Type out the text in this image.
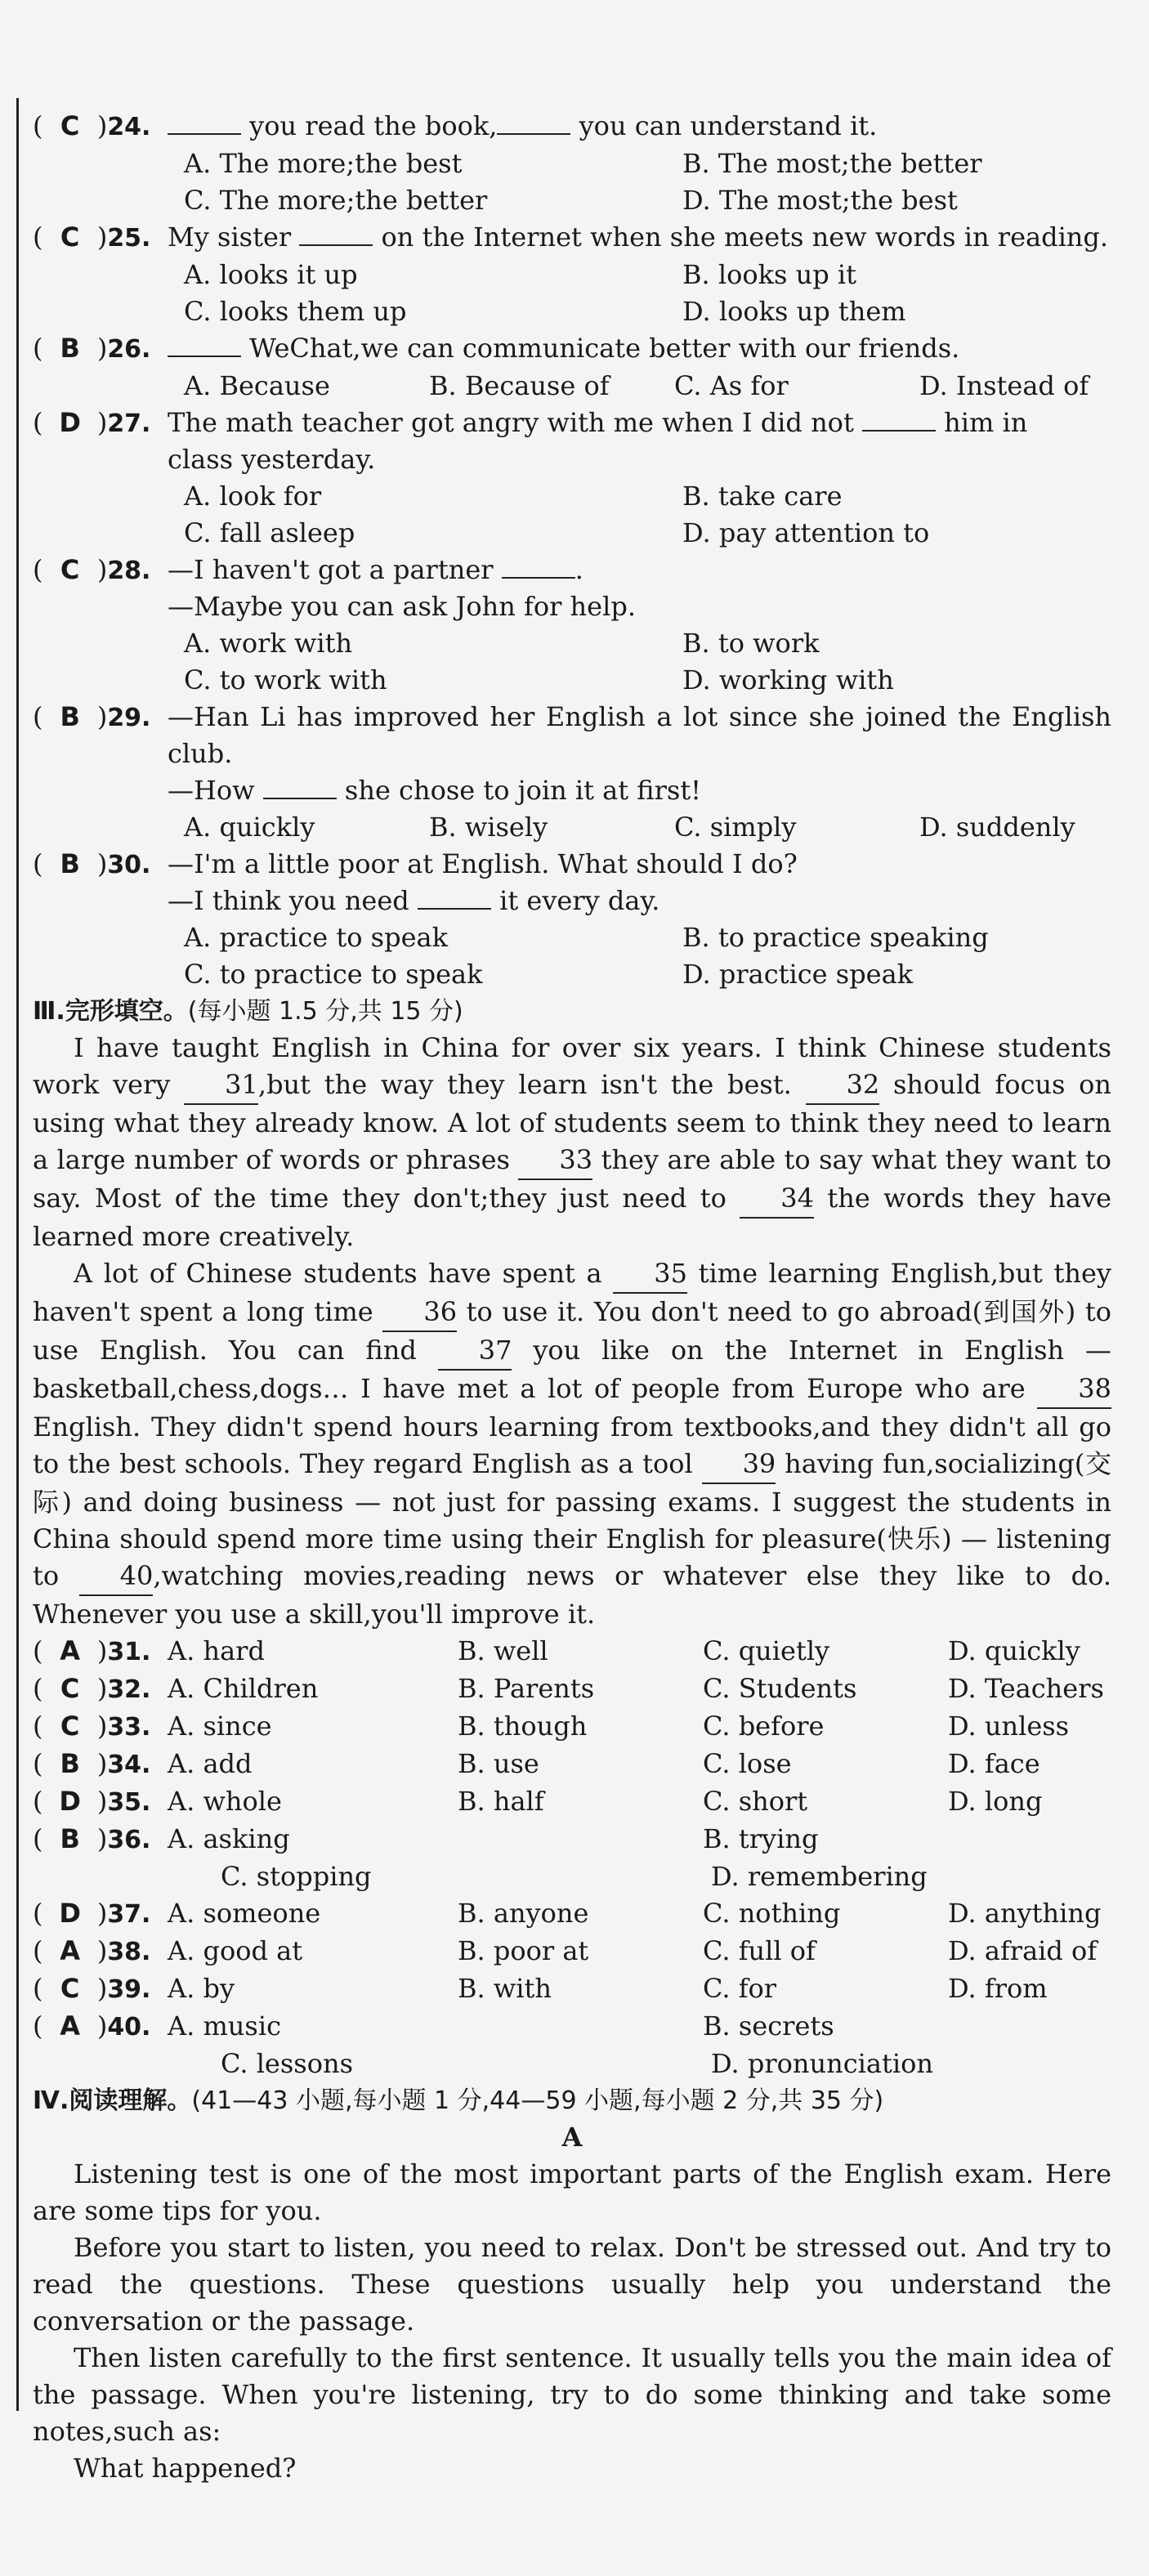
( C )24.	you read the book,	you can understand it.
A. The more;the best	B. The most;the better
C. The more;the better	D. The most;the best
( C )25. My sister	on the Internet when she meets new words in reading.
A. looks it up	B. looks up it
C. looks them up	D. looks up them
( B )26.	WeChat,we can communicate better with our friends.
A. Because	B. Because of	C. As for	D. Instead of
( D )27. The math teacher got angry with me when I did not	him in
class yesterday.
A. look for	B. take care
C. fall asleep	D. pay attention to
( C )28. —I haven't got a partner	.
—Maybe you can ask John for help.
A. work with	B. to work
C. to work with	D. working with
( B )29. —Han Li has improved her English a lot since she joined the English club.
—How	she chose to join it at first!
A. quickly	B. wisely	C. simply	D. suddenly
( B )30. —I'm a little poor at English. What should I do?
—I think you need	it every day.
A. practice to speak	B. to practice speaking
C. to practice to speak	D. practice speak
Ⅲ.完形填空。(每小题 1.5 分,共 15 分)
I have taught English in China for over six years. I think Chinese students work very 31,but the way they learn isn't the best. 32 should focus on using what they already know. A lot of students seem to think they need to learn a large number of words or phrases 33 they are able to say what they want to say. Most of the time they don't;they just need to 34 the words they have learned more creatively.
A lot of Chinese students have spent a 35 time learning English,but they haven't spent a long time 36 to use it. You don't need to go abroad(到国外) to use English. You can find 37 you like on the Internet in English — basketball,chess,dogs… I have met a lot of people from Europe who are 38 English. They didn't spend hours learning from textbooks,and they didn't all go to the best schools. They regard English as a tool 39 having fun,socializing(交际) and doing business — not just for passing exams. I suggest the students in China should spend more time using their English for pleasure(快乐) — listening to 40,watching movies,reading news or whatever else they like to do. Whenever you use a skill,you'll improve it.
( A )31. A. hard	B. well	C. quietly	D. quickly
( C )32. A. Children	B. Parents	C. Students	D. Teachers
( C )33. A. since	B. though	C. before	D. unless
( B )34. A. add	B. use	C. lose	D. face
( D )35. A. whole	B. half	C. short	D. long
( B )36. A. asking	B. trying
C. stopping	D. remembering
( D )37. A. someone	B. anyone	C. nothing	D. anything
( A )38. A. good at	B. poor at	C. full of	D. afraid of
( C )39. A. by	B. with	C. for	D. from
( A )40. A. music	B. secrets
C. lessons	D. pronunciation
Ⅳ.阅读理解。(41—43 小题,每小题 1 分,44—59 小题,每小题 2 分,共 35 分)
A
Listening test is one of the most important parts of the English exam. Here are some tips for you.
Before you start to listen, you need to relax. Don't be stressed out. And try to read the questions. These questions usually help you understand the conversation or the passage.
Then listen carefully to the first sentence. It usually tells you the main idea of the passage. When you're listening, try to do some thinking and take some notes,such as:
What happened?
